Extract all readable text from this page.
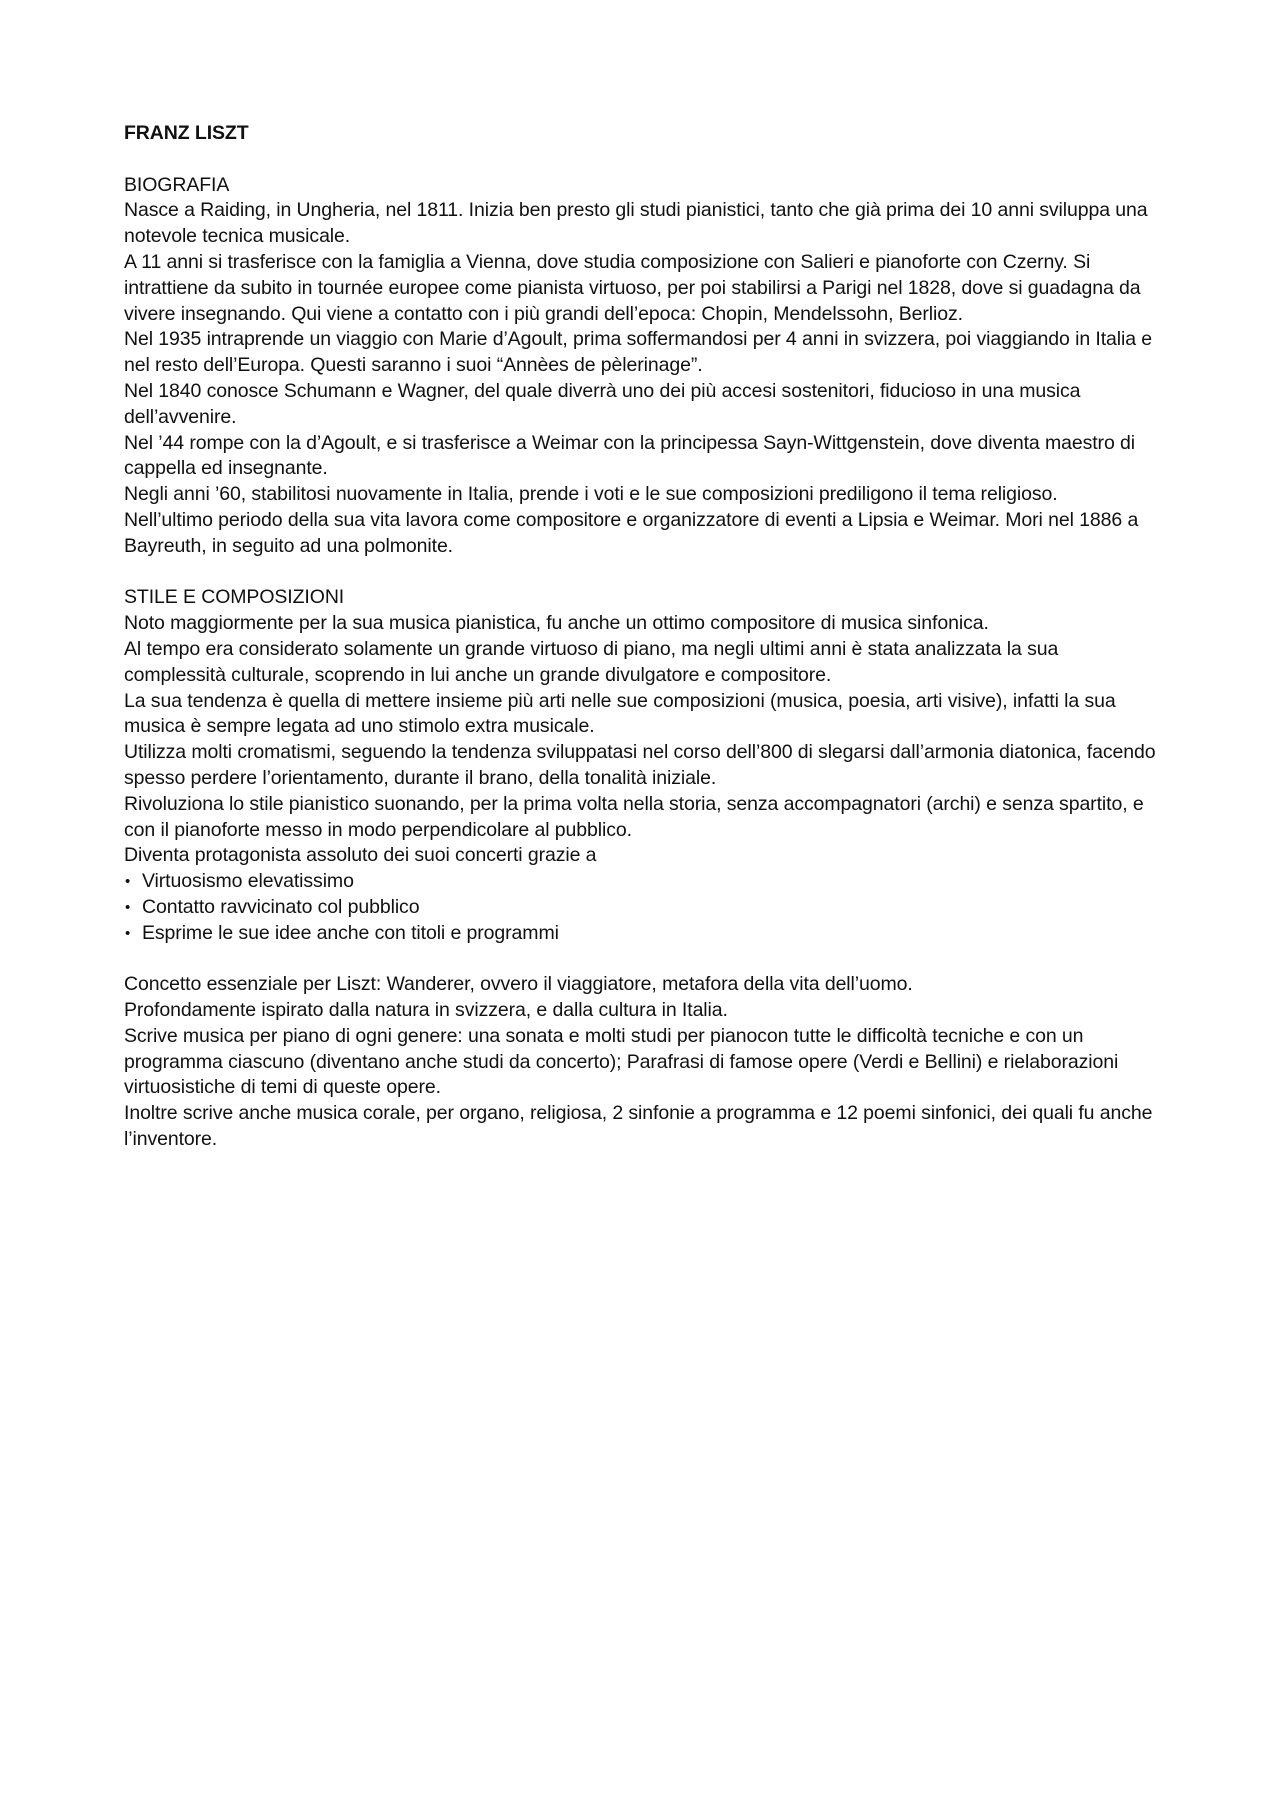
FRANZ LISZT

BIOGRAFIA

Nasce a Raiding, in Ungheria, nel 1811. Inizia ben presto gli studi pianistici, tanto che già prima dei 10 anni sviluppa una notevole tecnica musicale.

A 11 anni si trasferisce con la famiglia a Vienna, dove studia composizione con Salieri e pianoforte con Czerny. Si intrattiene da subito in tournée europee come pianista virtuoso, per poi stabilirsi a Parigi nel 1828, dove si guadagna da vivere insegnando. Qui viene a contatto con i più grandi dell’epoca: Chopin, Mendelssohn, Berlioz.

Nel 1935 intraprende un viaggio con Marie d’Agoult, prima soffermandosi per 4 anni in svizzera, poi viaggiando in Italia e nel resto dell’Europa. Questi saranno i suoi “Annèes de pèlerinage”.

Nel 1840 conosce Schumann e Wagner, del quale diverrà uno dei più accesi sostenitori, fiducioso in una musica dell’avvenire.

Nel ’44 rompe con la d’Agoult, e si trasferisce a Weimar con la principessa Sayn-Wittgenstein, dove diventa maestro di cappella ed insegnante.

Negli anni ’60, stabilitosi nuovamente in Italia, prende i voti e le sue composizioni prediligono il tema religioso.

Nell’ultimo periodo della sua vita lavora come compositore e organizzatore di eventi a Lipsia e Weimar. Mori nel 1886 a Bayreuth, in seguito ad una polmonite.

STILE E COMPOSIZIONI

Noto maggiormente per la sua musica pianistica, fu anche un ottimo compositore di musica sinfonica.

Al tempo era considerato solamente un grande virtuoso di piano, ma negli ultimi anni è stata analizzata la sua complessità culturale, scoprendo in lui anche un grande divulgatore e compositore.

La sua tendenza è quella di mettere insieme più arti nelle sue composizioni (musica, poesia, arti visive), infatti la sua musica è sempre legata ad uno stimolo extra musicale.

Utilizza molti cromatismi, seguendo la tendenza sviluppatasi nel corso dell’800 di slegarsi dall’armonia diatonica, facendo spesso perdere l’orientamento, durante il brano, della tonalità iniziale.

Rivoluziona lo stile pianistico suonando, per la prima volta nella storia, senza accompagnatori (archi) e senza spartito, e con il pianoforte messo in modo perpendicolare al pubblico.

Diventa protagonista assoluto dei suoi concerti grazie a

• Virtuosismo elevatissimo
• Contatto ravvicinato col pubblico
• Esprime le sue idee anche con titoli e programmi

Concetto essenziale per Liszt: Wanderer, ovvero il viaggiatore, metafora della vita dell’uomo.

Profondamente ispirato dalla natura in svizzera, e dalla cultura in Italia.

Scrive musica per piano di ogni genere: una sonata e molti studi per pianocon tutte le difficoltà tecniche e con un programma ciascuno (diventano anche studi da concerto); Parafrasi di famose opere (Verdi e Bellini) e rielaborazioni virtuosistiche di temi di queste opere.

Inoltre scrive anche musica corale, per organo, religiosa, 2 sinfonie a programma e 12 poemi sinfonici, dei quali fu anche l’inventore.
